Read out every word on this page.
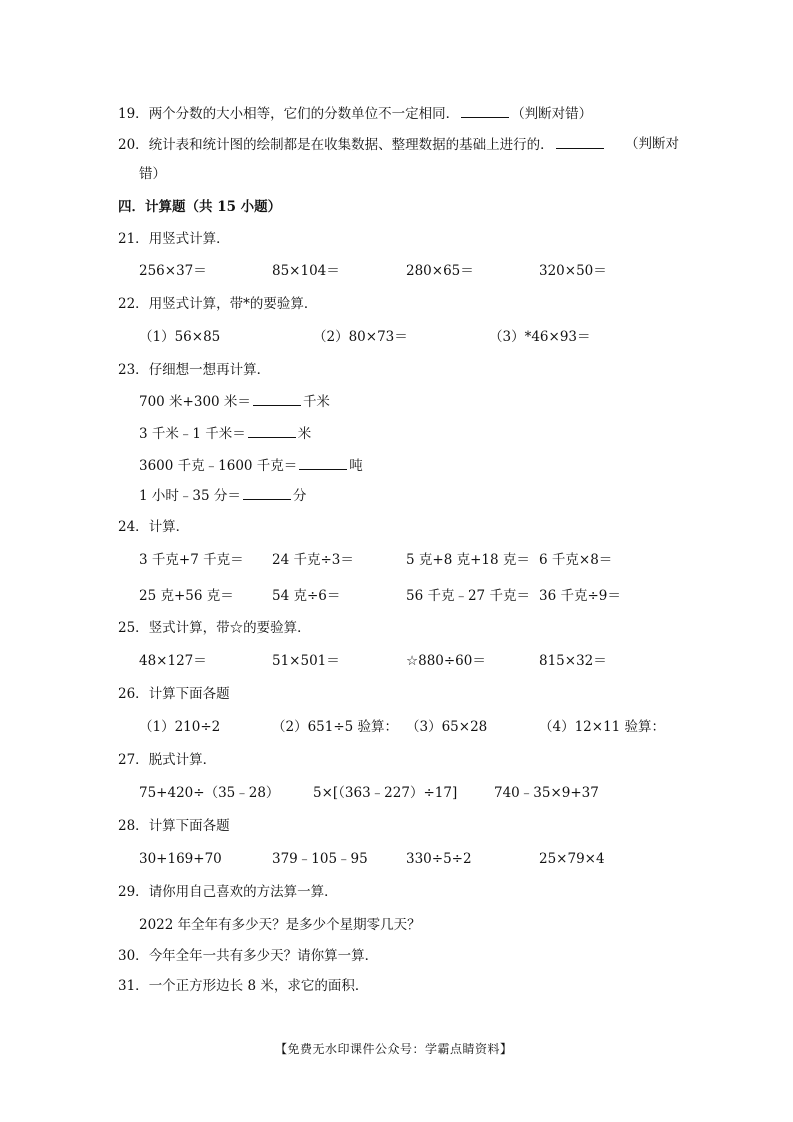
19．两个分数的大小相等，它们的分数单位不一定相同．	（判断对错）
20．统计表和统计图的绘制都是在收集数据、整理数据的基础上进行的．	（判断对
错）
四．计算题（共 15 小题）
21．用竖式计算．
256×37＝	85×104＝	280×65＝	320×50＝
22．用竖式计算，带*的要验算．
（1）56×85	（2）80×73＝	（3）*46×93＝
23．仔细想一想再计算．
700 米+300 米＝	千米
3 千米﹣1 千米＝	米
3600 千克﹣1600 千克＝	吨
1 小时﹣35 分＝	分
24．计算．
3 千克+7 千克＝ 24 千克÷3＝	5 克+8 克+18 克＝ 6 千克×8＝
25 克+56 克＝	54 克÷6＝	56 千克﹣27 千克＝ 36 千克÷9＝
25．竖式计算，带☆的要验算．
48×127＝	51×501＝	☆880÷60＝	815×32＝
26．计算下面各题
（1）210÷2	（2）651÷5 验算： （3）65×28	（4）12×11 验算：
27．脱式计算．
75+420÷（35﹣28） 5×[（363﹣227）÷17]	740﹣35×9+37
28．计算下面各题
30+169+70	379﹣105﹣95	330÷5÷2	25×79×4
29．请你用自己喜欢的方法算一算．
2022 年全年有多少天？是多少个星期零几天？
30．今年全年一共有多少天？请你算一算．
31．一个正方形边长 8 米，求它的面积．
【免费无水印课件公众号：学霸点睛资料】
